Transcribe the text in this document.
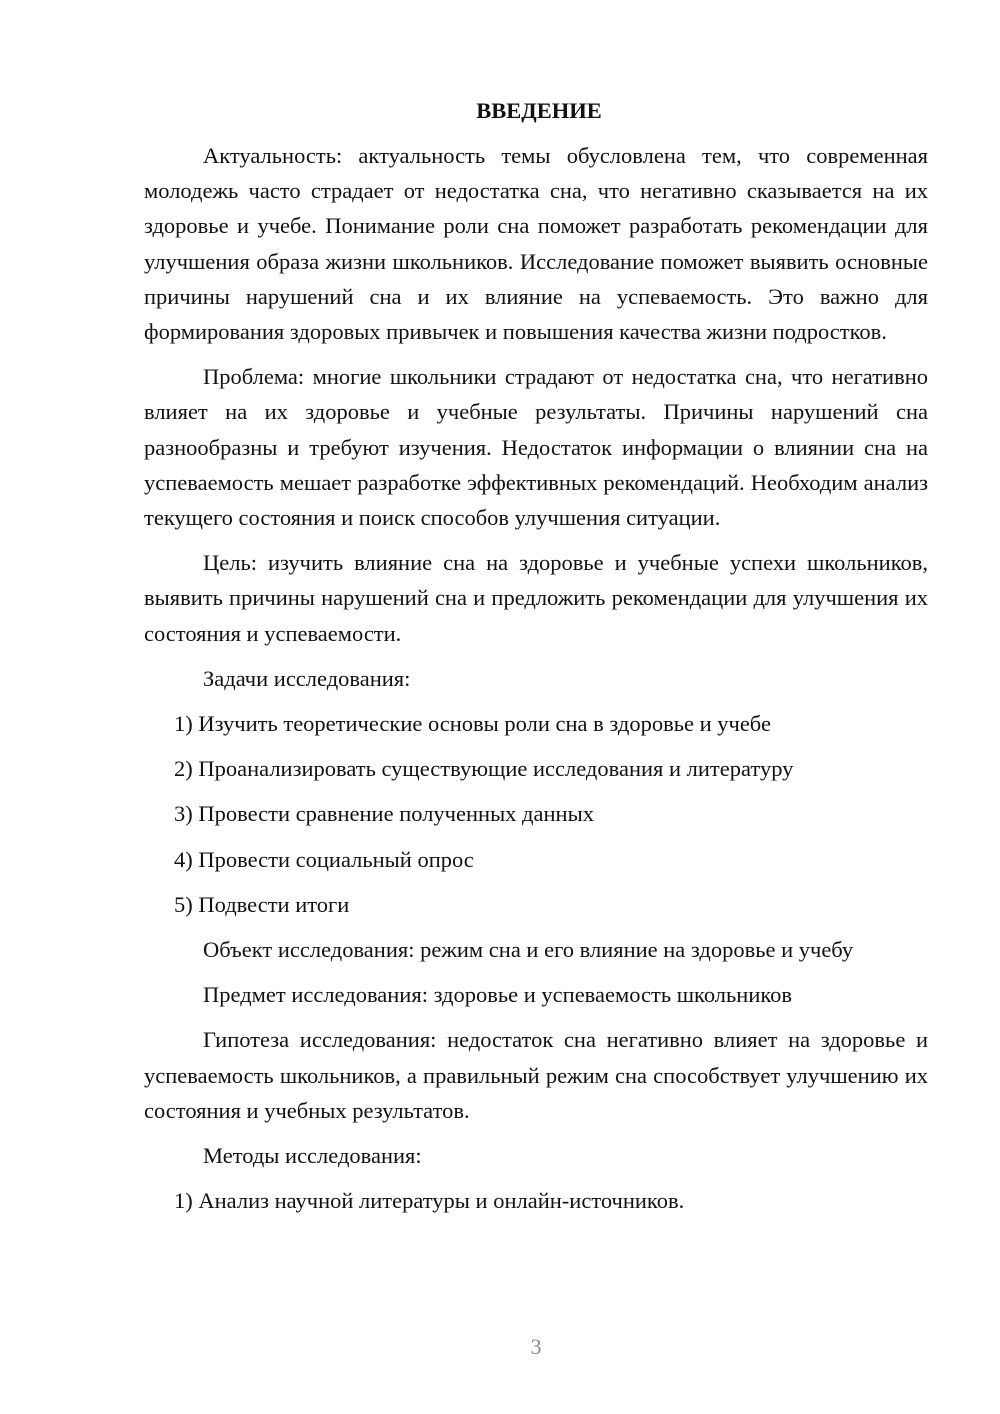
ВВЕДЕНИЕ

Актуальность: актуальность темы обусловлена тем, что современная молодежь часто страдает от недостатка сна, что негативно сказывается на их здоровье и учебе. Понимание роли сна поможет разработать рекомендации для улучшения образа жизни школьников. Исследование поможет выявить основные причины нарушений сна и их влияние на успеваемость. Это важно для формирования здоровых привычек и повышения качества жизни подростков.

Проблема: многие школьники страдают от недостатка сна, что негативно влияет на их здоровье и учебные результаты. Причины нарушений сна разнообразны и требуют изучения. Недостаток информации о влиянии сна на успеваемость мешает разработке эффективных рекомендаций. Необходим анализ текущего состояния и поиск способов улучшения ситуации.

Цель: изучить влияние сна на здоровье и учебные успехи школьников, выявить причины нарушений сна и предложить рекомендации для улучшения их состояния и успеваемости.

Задачи исследования:

1) Изучить теоретические основы роли сна в здоровье и учебе
2) Проанализировать существующие исследования и литературу
3) Провести сравнение полученных данных
4) Провести социальный опрос
5) Подвести итоги

Объект исследования: режим сна и его влияние на здоровье и учебу

Предмет исследования: здоровье и успеваемость школьников

Гипотеза исследования: недостаток сна негативно влияет на здоровье и успеваемость школьников, а правильный режим сна способствует улучшению их состояния и учебных результатов.

Методы исследования:

1) Анализ научной литературы и онлайн-источников.
3
